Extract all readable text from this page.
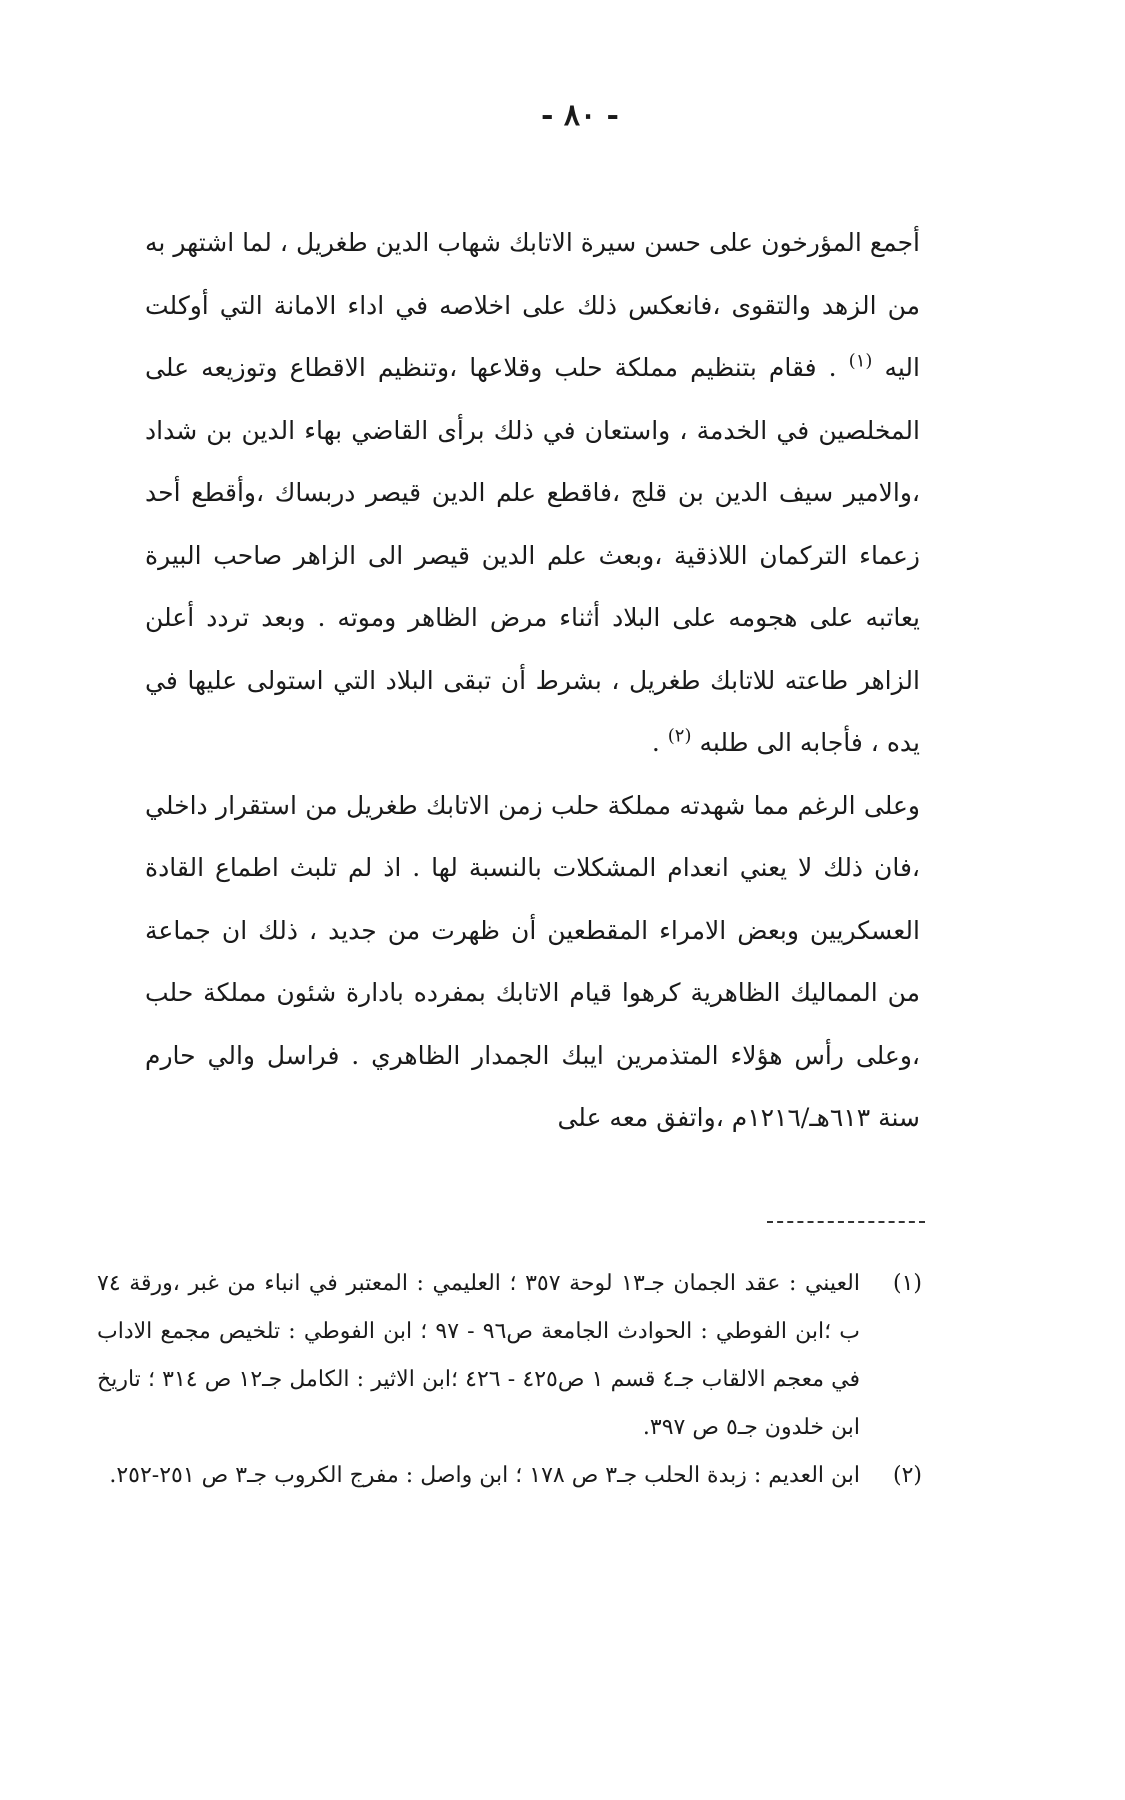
- ٨٠ -

أجمع المؤرخون على حسن سيرة الاتابك شهاب الدين طغريل ، لما اشتهر به من الزهد والتقوى ،فانعكس ذلك على اخلاصه في اداء الامانة التي أوكلت اليه $^{(١)}$ . فقام بتنظيم مملكة حلب وقلاعها ،وتنظيم الاقطاع وتوزيعه على المخلصين في الخدمة ، واستعان في ذلك برأى القاضي بهاء الدين بن شداد ،والامير سيف الدين بن قلج ،فاقطع علم الدين قيصر دربساك ،وأقطع أحد زعماء التركمان اللاذقية ،وبعث علم الدين قيصر الى الزاهر صاحب البيرة يعاتبه على هجومه على البلاد أثناء مرض الظاهر وموته . وبعد تردد أعلن الزاهر طاعته للاتابك طغريل ، بشرط أن تبقى البلاد التي استولى عليها في يده ، فأجابه الى طلبه $^{(٢)}$ .

وعلى الرغم مما شهدته مملكة حلب زمن الاتابك طغريل من استقرار داخلي ،فان ذلك لا يعني انعدام المشكلات بالنسبة لها . اذ لم تلبث اطماع القادة العسكريين وبعض الامراء المقطعين أن ظهرت من جديد ، ذلك ان جماعة من المماليك الظاهرية كرهوا قيام الاتابك بمفرده بادارة شئون مملكة حلب ،وعلى رأس هؤلاء المتذمرين ايبك الجمدار الظاهري . فراسل والي حارم سنة ٦١٣هـ/١٢١٦م ،واتفق معه على

(١)
العيني : عقد الجمان جـ١٣ لوحة ٣٥٧ ؛ العليمي : المعتبر في انباء من غبر ،ورقة ٧٤ ب ؛ابن الفوطي : الحوادث الجامعة ص٩٦ - ٩٧ ؛ ابن الفوطي : تلخيص مجمع الاداب في معجم الالقاب جـ٤ قسم ١ ص٤٢٥ - ٤٢٦ ؛ابن الاثير : الكامل جـ١٢ ص ٣١٤ ؛ تاريخ ابن خلدون جـ٥ ص ٣٩٧.
(٢)
ابن العديم : زبدة الحلب جـ٣ ص ١٧٨ ؛ ابن واصل : مفرج الكروب جـ٣ ص ٢٥١-٢٥٢.
